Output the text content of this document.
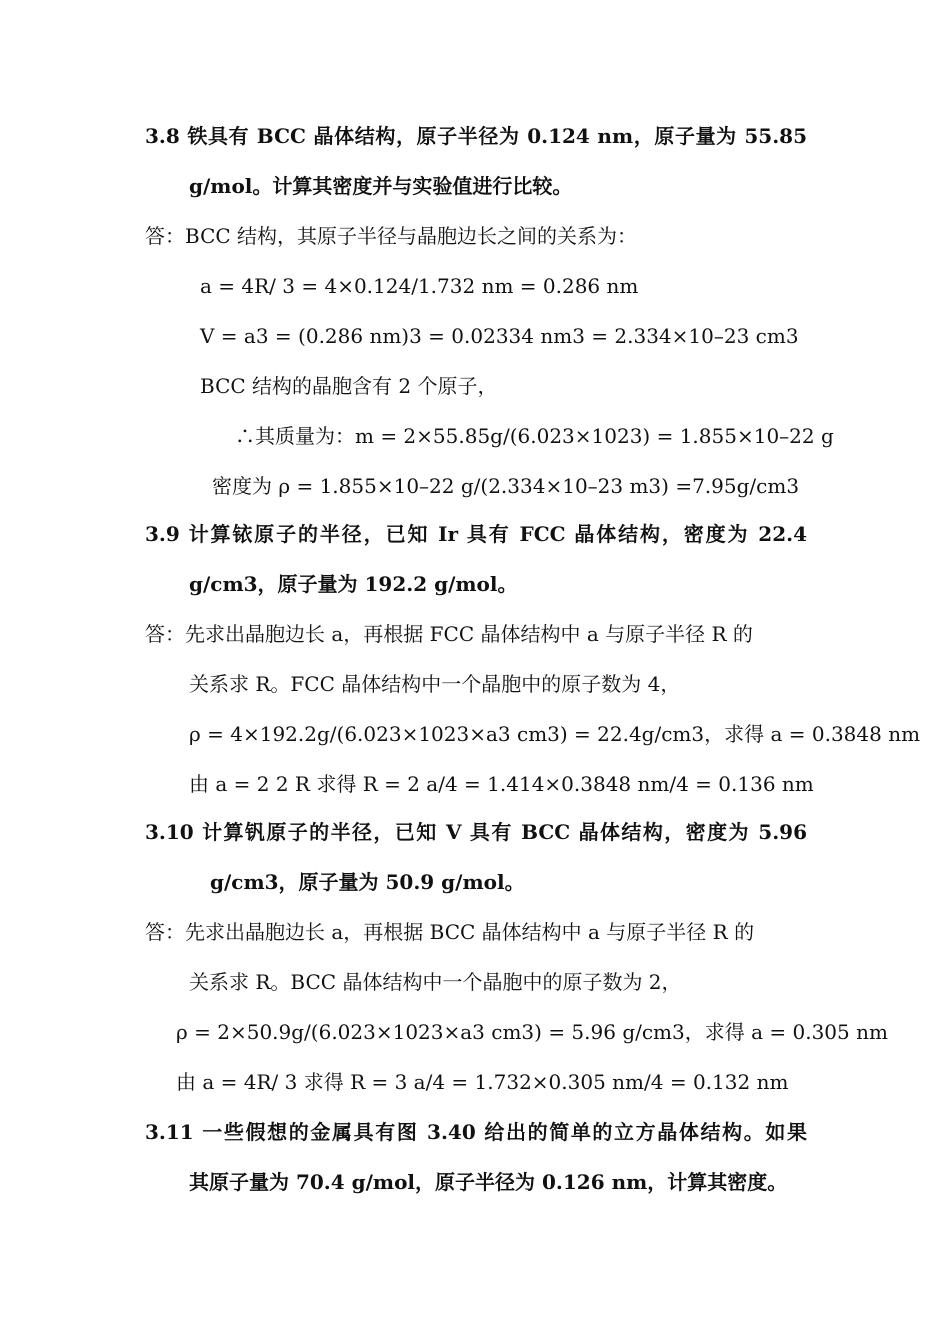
3.8 铁具有 BCC 晶体结构，原子半径为 0.124 nm，原子量为 55.85
g/mol。计算其密度并与实验值进行比较。
答：BCC 结构，其原子半径与晶胞边长之间的关系为：
a = 4R/ 3 = 4×0.124/1.732 nm = 0.286 nm
V = a3 = (0.286 nm)3 = 0.02334 nm3 = 2.334×10–23 cm3
BCC 结构的晶胞含有 2 个原子，
∴其质量为：m = 2×55.85g/(6.023×1023) = 1.855×10–22 g
密度为 ρ = 1.855×10–22 g/(2.334×10–23 m3) =7.95g/cm3
3.9 计算铱原子的半径，已知 Ir 具有 FCC 晶体结构，密度为 22.4
g/cm3，原子量为 192.2 g/mol。
答：先求出晶胞边长 a，再根据 FCC 晶体结构中 a 与原子半径 R 的
关系求 R。FCC 晶体结构中一个晶胞中的原子数为 4，
ρ = 4×192.2g/(6.023×1023×a3 cm3) = 22.4g/cm3，求得 a = 0.3848 nm
由 a = 2 2 R 求得 R = 2 a/4 = 1.414×0.3848 nm/4 = 0.136 nm
3.10 计算钒原子的半径，已知 V 具有 BCC 晶体结构，密度为 5.96
g/cm3，原子量为 50.9 g/mol。
答：先求出晶胞边长 a，再根据 BCC 晶体结构中 a 与原子半径 R 的
关系求 R。BCC 晶体结构中一个晶胞中的原子数为 2，
ρ = 2×50.9g/(6.023×1023×a3 cm3) = 5.96 g/cm3，求得 a = 0.305 nm
由 a = 4R/ 3 求得 R = 3 a/4 = 1.732×0.305 nm/4 = 0.132 nm
3.11 一些假想的金属具有图 3.40 给出的简单的立方晶体结构。如果
其原子量为 70.4 g/mol，原子半径为 0.126 nm，计算其密度。
